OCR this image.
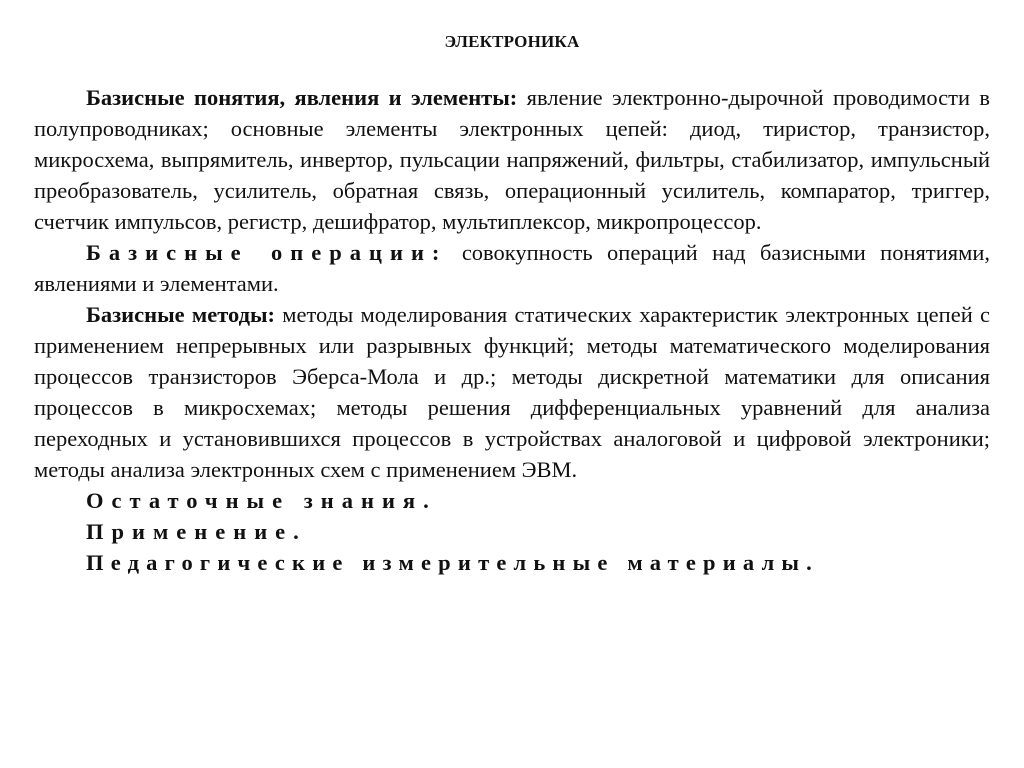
ЭЛЕКТРОНИКА

Базисные понятия, явления и элементы: явление электронно-дырочной проводимости в полупроводниках; основные элементы электронных цепей: диод, тиристор, транзистор, микросхема, выпрямитель, инвертор, пульсации напряжений, фильтры, стабилизатор, импульсный преобразователь, усилитель, обратная связь, операционный усилитель, компаратор, триггер, счетчик импульсов, регистр, дешифратор, мультиплексор, микропроцессор.

Базисные операции: совокупность операций над базисными понятиями, явлениями и элементами.

Базисные методы: методы моделирования статических характеристик электронных цепей с применением непрерывных или разрывных функций; методы математического моделирования процессов транзисторов Эберса-Мола и др.; методы дискретной математики для описания процессов в микросхемах; методы решения дифференциальных уравнений для анализа переходных и установившихся процессов в устройствах аналоговой и цифровой электроники; методы анализа электронных схем с применением ЭВМ.

Остаточные знания.

Применение.

Педагогические измерительные материалы.
